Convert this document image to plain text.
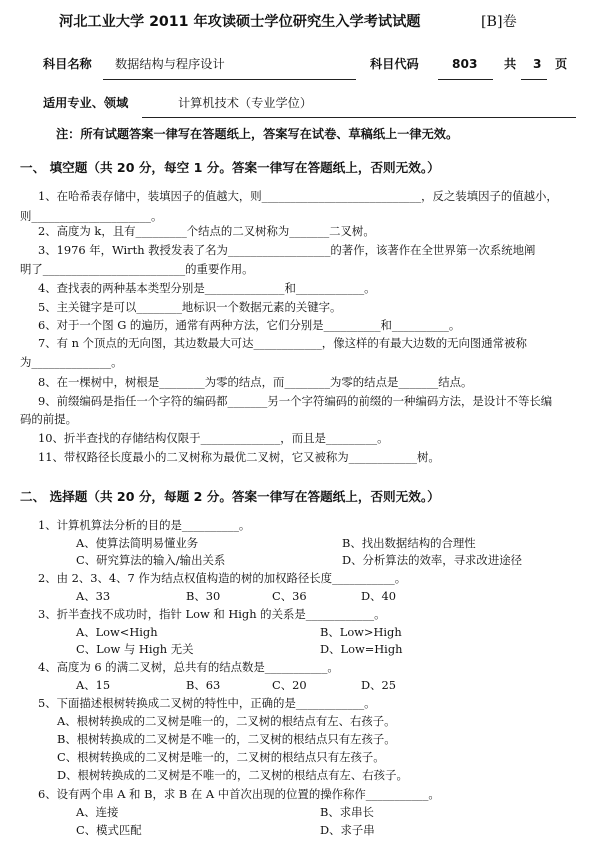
河北工业大学 2011 年攻读硕士学位研究生入学考试试题	[B]卷
科目名称 数据结构与程序设计	科目代码	803 共 3 页
适用专业、领域	计算机技术（专业学位）
注：所有试题答案一律写在答题纸上，答案写在试卷、草稿纸上一律无效。
一、 填空题（共 20 分，每空 1 分。答案一律写在答题纸上，否则无效。）
1、在哈希表存储中，装填因子的值越大，则____________________________，反之装填因子的值越小，
则_____________________。
2、高度为 k，且有_________个结点的二叉树称为_______二叉树。
3、1976 年，Wirth 教授发表了名为__________________的著作，该著作在全世界第一次系统地阐
明了_________________________的重要作用。
4、查找表的两种基本类型分别是______________和____________。
5、主关键字是可以________地标识一个数据元素的关键字。
6、对于一个图 G 的遍历，通常有两种方法，它们分别是__________和__________。
7、有 n 个顶点的无向图，其边数最大可达____________，像这样的有最大边数的无向图通常被称
为______________。
8、在一棵树中，树根是________为零的结点，而________为零的结点是_______结点。
9、前缀编码是指任一个字符的编码都_______另一个字符编码的前缀的一种编码方法，是设计不等长编
码的前提。
10、折半查找的存储结构仅限于______________，而且是_________。
11、带权路径长度最小的二叉树称为最优二叉树，它又被称为____________树。
二、 选择题（共 20 分，每题 2 分。答案一律写在答题纸上，否则无效。）
1、计算机算法分析的目的是__________。
A、使算法简明易懂业务	B、找出数据结构的合理性
C、研究算法的输入/输出关系	D、分析算法的效率，寻求改进途径
2、由 2、3、4、7 作为结点权值构造的树的加权路径长度___________。
A、33	B、30	C、36	D、40
3、折半查找不成功时，指针 Low 和 High 的关系是____________。
A、Low<High	B、Low>High
C、Low 与 High 无关	D、Low=High
4、高度为 6 的满二叉树，总共有的结点数是___________。
A、15	B、63	C、20	D、25
5、下面描述根树转换成二叉树的特性中，正确的是____________。
A、根树转换成的二叉树是唯一的，二叉树的根结点有左、右孩子。
B、根树转换成的二叉树是不唯一的，二叉树的根结点只有左孩子。
C、根树转换成的二叉树是唯一的，二叉树的根结点只有左孩子。
D、根树转换成的二叉树是不唯一的，二叉树的根结点有左、右孩子。
6、设有两个串 A 和 B，求 B 在 A 中首次出现的位置的操作称作___________。
A、连接	B、求串长
C、模式匹配	D、求子串
